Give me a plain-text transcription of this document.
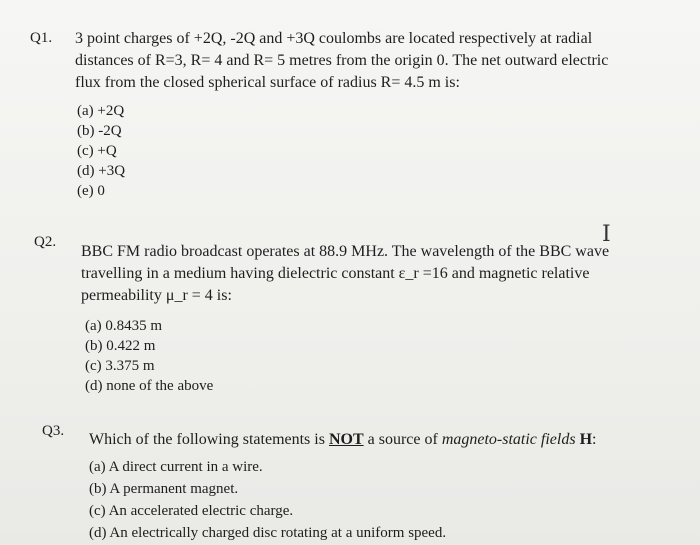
Q1. 3 point charges of +2Q, -2Q and +3Q coulombs are located respectively at radial
distances of R=3, R= 4 and R= 5 metres from the origin 0. The net outward electric
flux from the closed spherical surface of radius R= 4.5 m is:
(a) +2Q
(b) -2Q
(c) +Q
(d) +3Q
(e) 0
I
Q2.
BBC FM radio broadcast operates at 88.9 MHz. The wavelength of the BBC wave
travelling in a medium having dielectric constant ε_r =16 and magnetic relative
permeability μ_r = 4 is:
(a) 0.8435 m
(b) 0.422 m
(c) 3.375 m
(d) none of the above
Q3. Which of the following statements is NOT a source of magneto-static fields H:
(a) A direct current in a wire.
(b) A permanent magnet.
(c) An accelerated electric charge.
(d) An electrically charged disc rotating at a uniform speed.
